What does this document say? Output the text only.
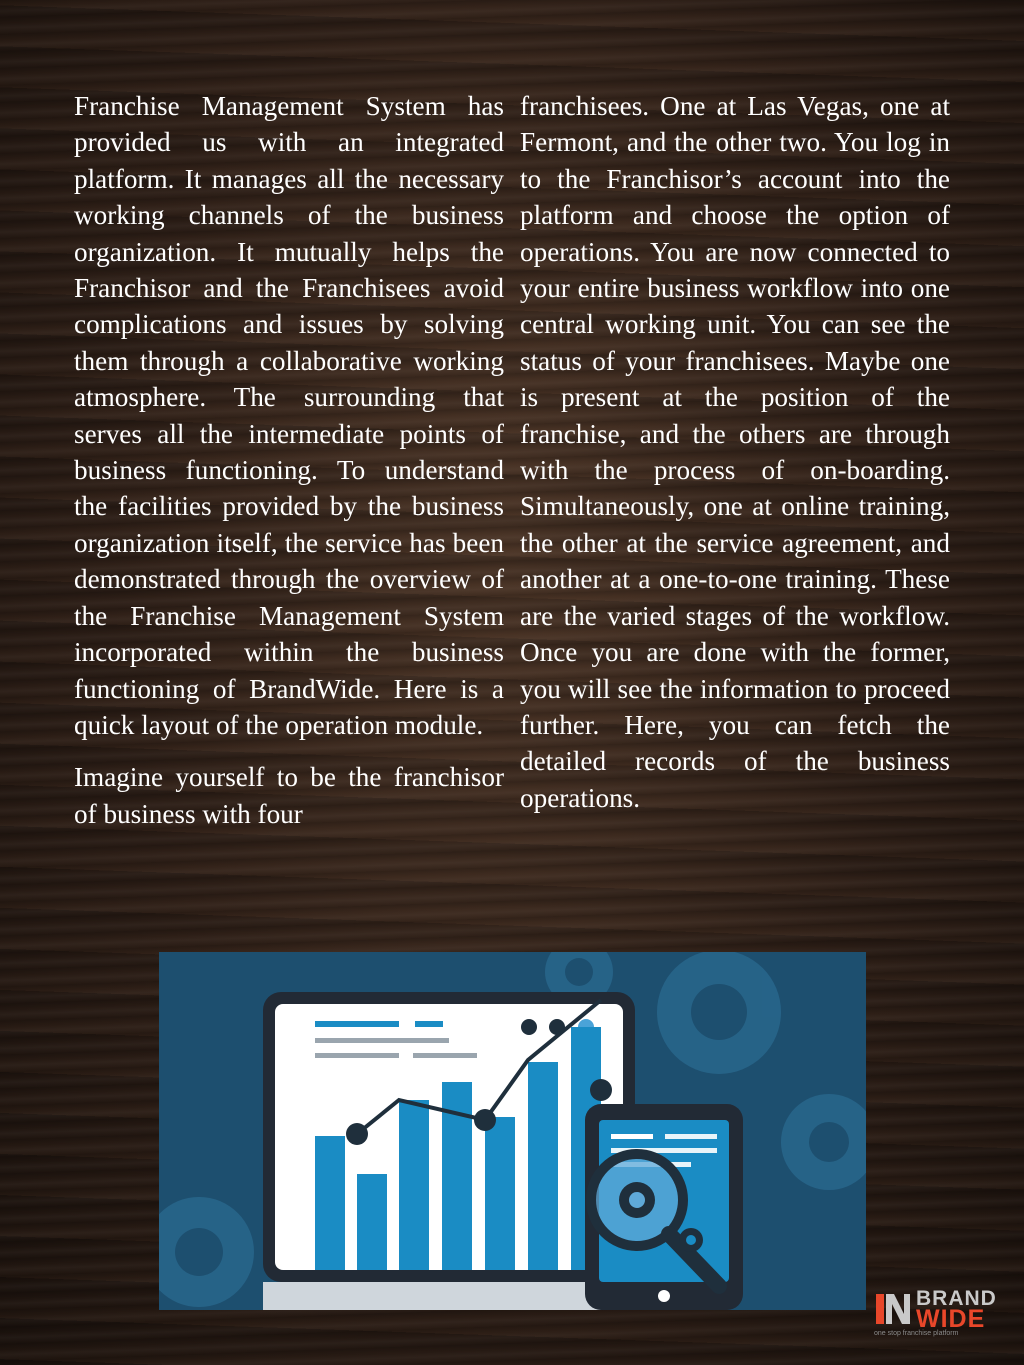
Franchise Management System has provided us with an integrated platform. It manages all the necessary working channels of the business organization. It mutually helps the Franchisor and the Franchisees avoid complications and issues by solving them through a collaborative working atmosphere. The surrounding that serves all the intermediate points of business functioning. To understand the facilities provided by the business organization itself, the service has been demonstrated through the overview of the Franchise Management System incorporated within the business functioning of BrandWide. Here is a quick layout of the operation module.

Imagine yourself to be the franchisor of business with four

franchisees. One at Las Vegas, one at Fermont, and the other two. You log in to the Franchisor’s account into the platform and choose the option of operations. You are now connected to your entire business workflow into one central working unit. You can see the status of your franchisees. Maybe one is present at the position of the franchise, and the others are through with the process of on-boarding. Simultaneously, one at online training, the other at the service agreement, and another at a one-to-one training. These are the varied stages of the workflow. Once you are done with the former, you will see the information to proceed further. Here, you can fetch the detailed records of the business operations.

BRAND
WIDE
one stop franchise platform
